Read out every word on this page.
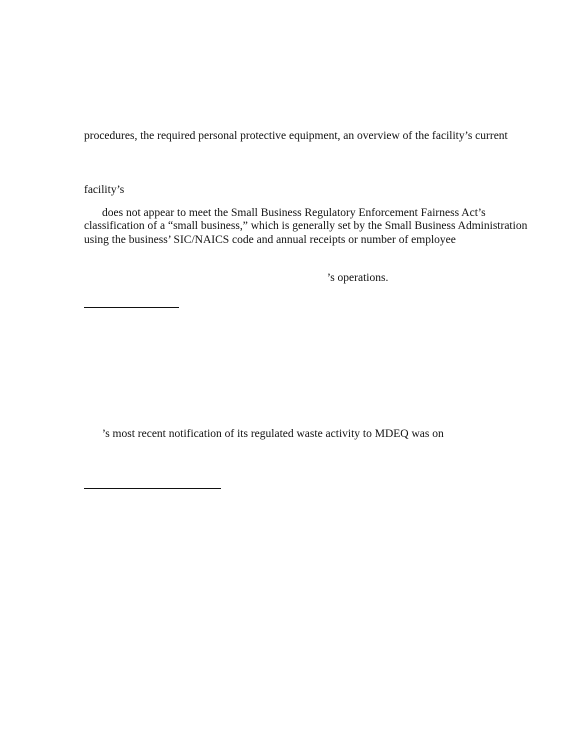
procedures, the required personal protective equipment, an overview of the facility’s current
facility’s
does not appear to meet the Small Business Regulatory Enforcement Fairness Act’s
classification of a “small business,” which is generally set by the Small Business Administration
using the business’ SIC/NAICS code and annual receipts or number of employee
’s operations.
’s most recent notification of its regulated waste activity to MDEQ was on
